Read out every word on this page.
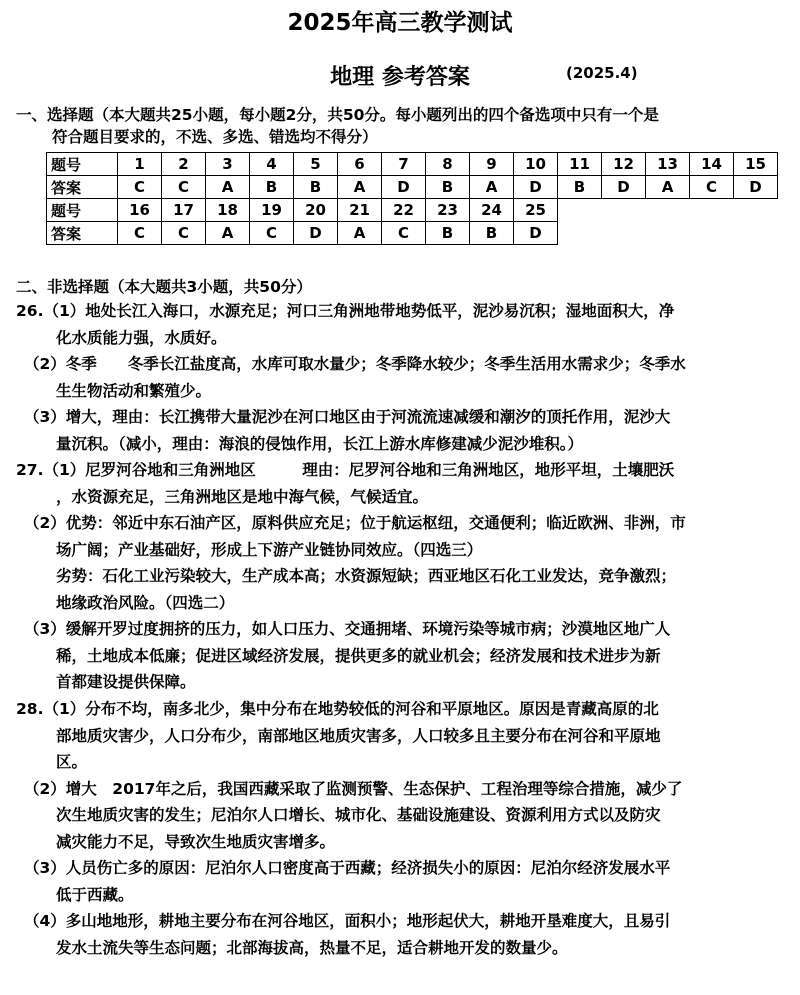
2025年高三教学测试
地理 参考答案	(2025.4)
一、选择题（本大题共25小题，每小题2分，共50分。每小题列出的四个备选项中只有一个是
符合题目要求的，不选、多选、错选均不得分）
题号	1	2	3	4	5	6	7	8	9	10	11	12	13	14	15
答案	C	C	A	B	B	A	D	B	A	D	B	D	A	C	D
题号	16	17	18	19	20	21	22	23	24	25					
答案	C	C	A	C	D	A	C	B	B	D					
二、非选择题（本大题共3小题，共50分）
26.（1）地处长江入海口，水源充足；河口三角洲地带地势低平，泥沙易沉积；湿地面积大，净
化水质能力强，水质好。
（2）冬季　　冬季长江盐度高，水库可取水量少；冬季降水较少；冬季生活用水需求少；冬季水
生生物活动和繁殖少。
（3）增大，理由：长江携带大量泥沙在河口地区由于河流流速减缓和潮汐的顶托作用，泥沙大
量沉积。（减小，理由：海浪的侵蚀作用，长江上游水库修建减少泥沙堆积。）
27.（1）尼罗河谷地和三角洲地区　　　理由：尼罗河谷地和三角洲地区，地形平坦，土壤肥沃
，水资源充足，三角洲地区是地中海气候，气候适宜。
（2）优势：邻近中东石油产区，原料供应充足；位于航运枢纽，交通便利；临近欧洲、非洲，市
场广阔；产业基础好，形成上下游产业链协同效应。（四选三）
劣势：石化工业污染较大，生产成本高；水资源短缺；西亚地区石化工业发达，竞争激烈；
地缘政治风险。（四选二）
（3）缓解开罗过度拥挤的压力，如人口压力、交通拥堵、环境污染等城市病；沙漠地区地广人
稀，土地成本低廉；促进区域经济发展，提供更多的就业机会；经济发展和技术进步为新
首都建设提供保障。
28.（1）分布不均，南多北少，集中分布在地势较低的河谷和平原地区。原因是青藏高原的北
部地质灾害少，人口分布少，南部地区地质灾害多，人口较多且主要分布在河谷和平原地
区。
（2）增大　2017年之后，我国西藏采取了监测预警、生态保护、工程治理等综合措施，减少了
次生地质灾害的发生；尼泊尔人口增长、城市化、基础设施建设、资源利用方式以及防灾
减灾能力不足，导致次生地质灾害增多。
（3）人员伤亡多的原因：尼泊尔人口密度高于西藏；经济损失小的原因：尼泊尔经济发展水平
低于西藏。
（4）多山地地形，耕地主要分布在河谷地区，面积小；地形起伏大，耕地开垦难度大，且易引
发水土流失等生态问题；北部海拔高，热量不足，适合耕地开发的数量少。
